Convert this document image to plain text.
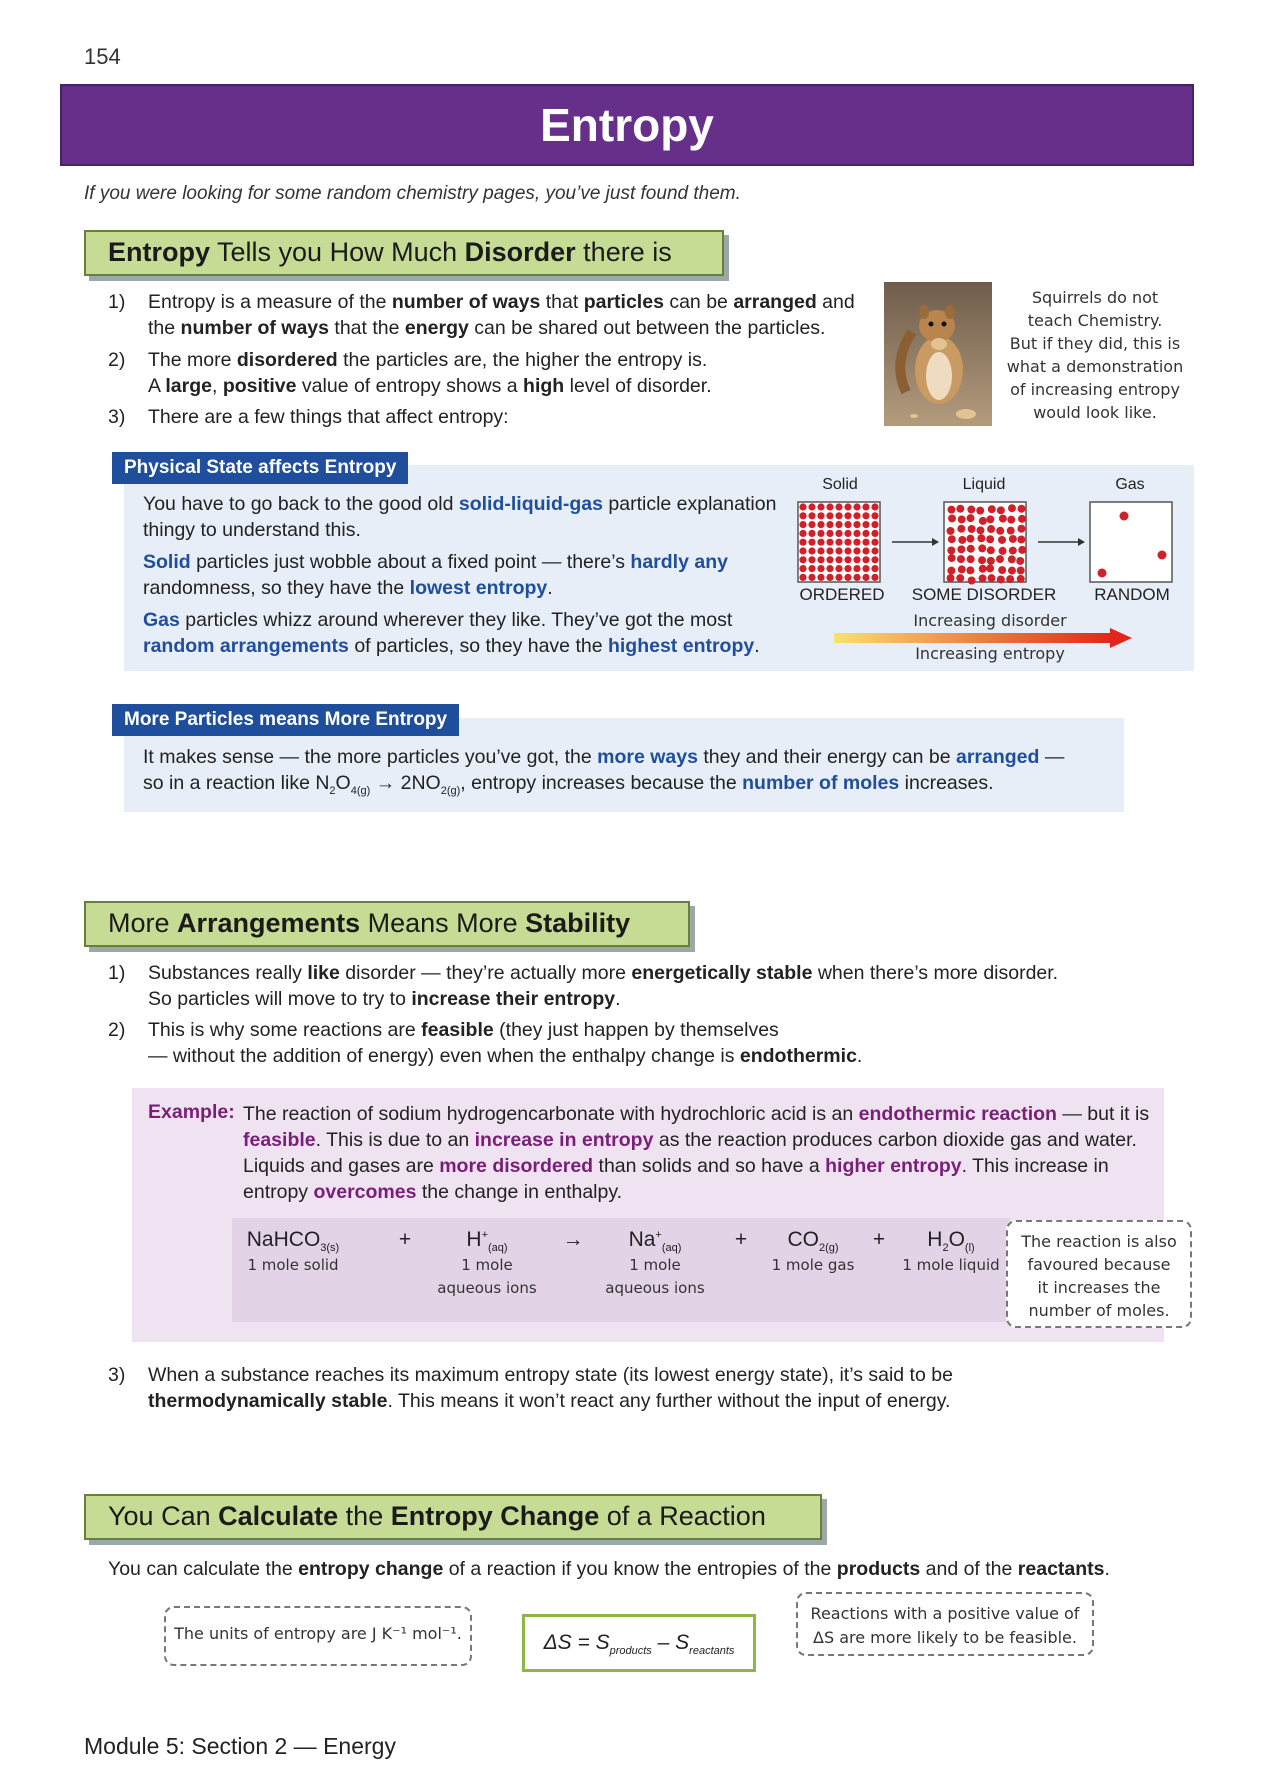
154
Entropy
If you were looking for some random chemistry pages, you’ve just found them.
Entropy Tells you How Much Disorder there is
1) Entropy is a measure of the number of ways that particles can be arranged and the number of ways that the energy can be shared out between the particles.
2) The more disordered the particles are, the higher the entropy is.
A large, positive value of entropy shows a high level of disorder.
3) There are a few things that affect entropy:
Squirrels do not
teach Chemistry.
But if they did, this is
what a demonstration
of increasing entropy
would look like.
Physical State affects Entropy
You have to go back to the good old solid-liquid-gas particle explanation thingy to understand this.
Solid particles just wobble about a fixed point — there’s hardly any randomness, so they have the lowest entropy.
Gas particles whizz around wherever they like. They’ve got the most random arrangements of particles, so they have the highest entropy.
Solid	Liquid	Gas
ORDERED	SOME DISORDER	RANDOM
Increasing disorder
Increasing entropy
More Particles means More Entropy
It makes sense — the more particles you’ve got, the more ways they and their energy can be arranged —
so in a reaction like $N_2O_{4(g)} \to 2NO_{2(g)}$, entropy increases because the number of moles increases.
More Arrangements Means More Stability
1) Substances really like disorder — they’re actually more energetically stable when there’s more disorder.
So particles will move to try to increase their entropy.
2) This is why some reactions are feasible (they just happen by themselves
— without the addition of energy) even when the enthalpy change is endothermic.
Example: The reaction of sodium hydrogencarbonate with hydrochloric acid is an endothermic reaction — but it is feasible. This is due to an increase in entropy as the reaction produces carbon dioxide gas and water. Liquids and gases are more disordered than solids and so have a higher entropy. This increase in entropy overcomes the change in enthalpy.
NaHCO$_{3(s)}$
1 mole solid
+	$H^+_{(aq)}$
1 mole
aqueous ions
→	$Na^+_{(aq)}$
1 mole
aqueous ions
+	$CO_{2(g)}$
1 mole gas
+	$H_2O_{(l)}$
1 mole liquid
The reaction is also
favoured because
it increases the
number of moles.
3) When a substance reaches its maximum entropy state (its lowest energy state), it’s said to be
thermodynamically stable. This means it won’t react any further without the input of energy.
You Can Calculate the Entropy Change of a Reaction
You can calculate the entropy change of a reaction if you know the entropies of the products and of the reactants.
The units of entropy are J K⁻¹ mol⁻¹.	$\Delta S = S_{products} - S_{reactants}$
Reactions with a positive value of
ΔS are more likely to be feasible.
Module 5: Section 2 — Energy
